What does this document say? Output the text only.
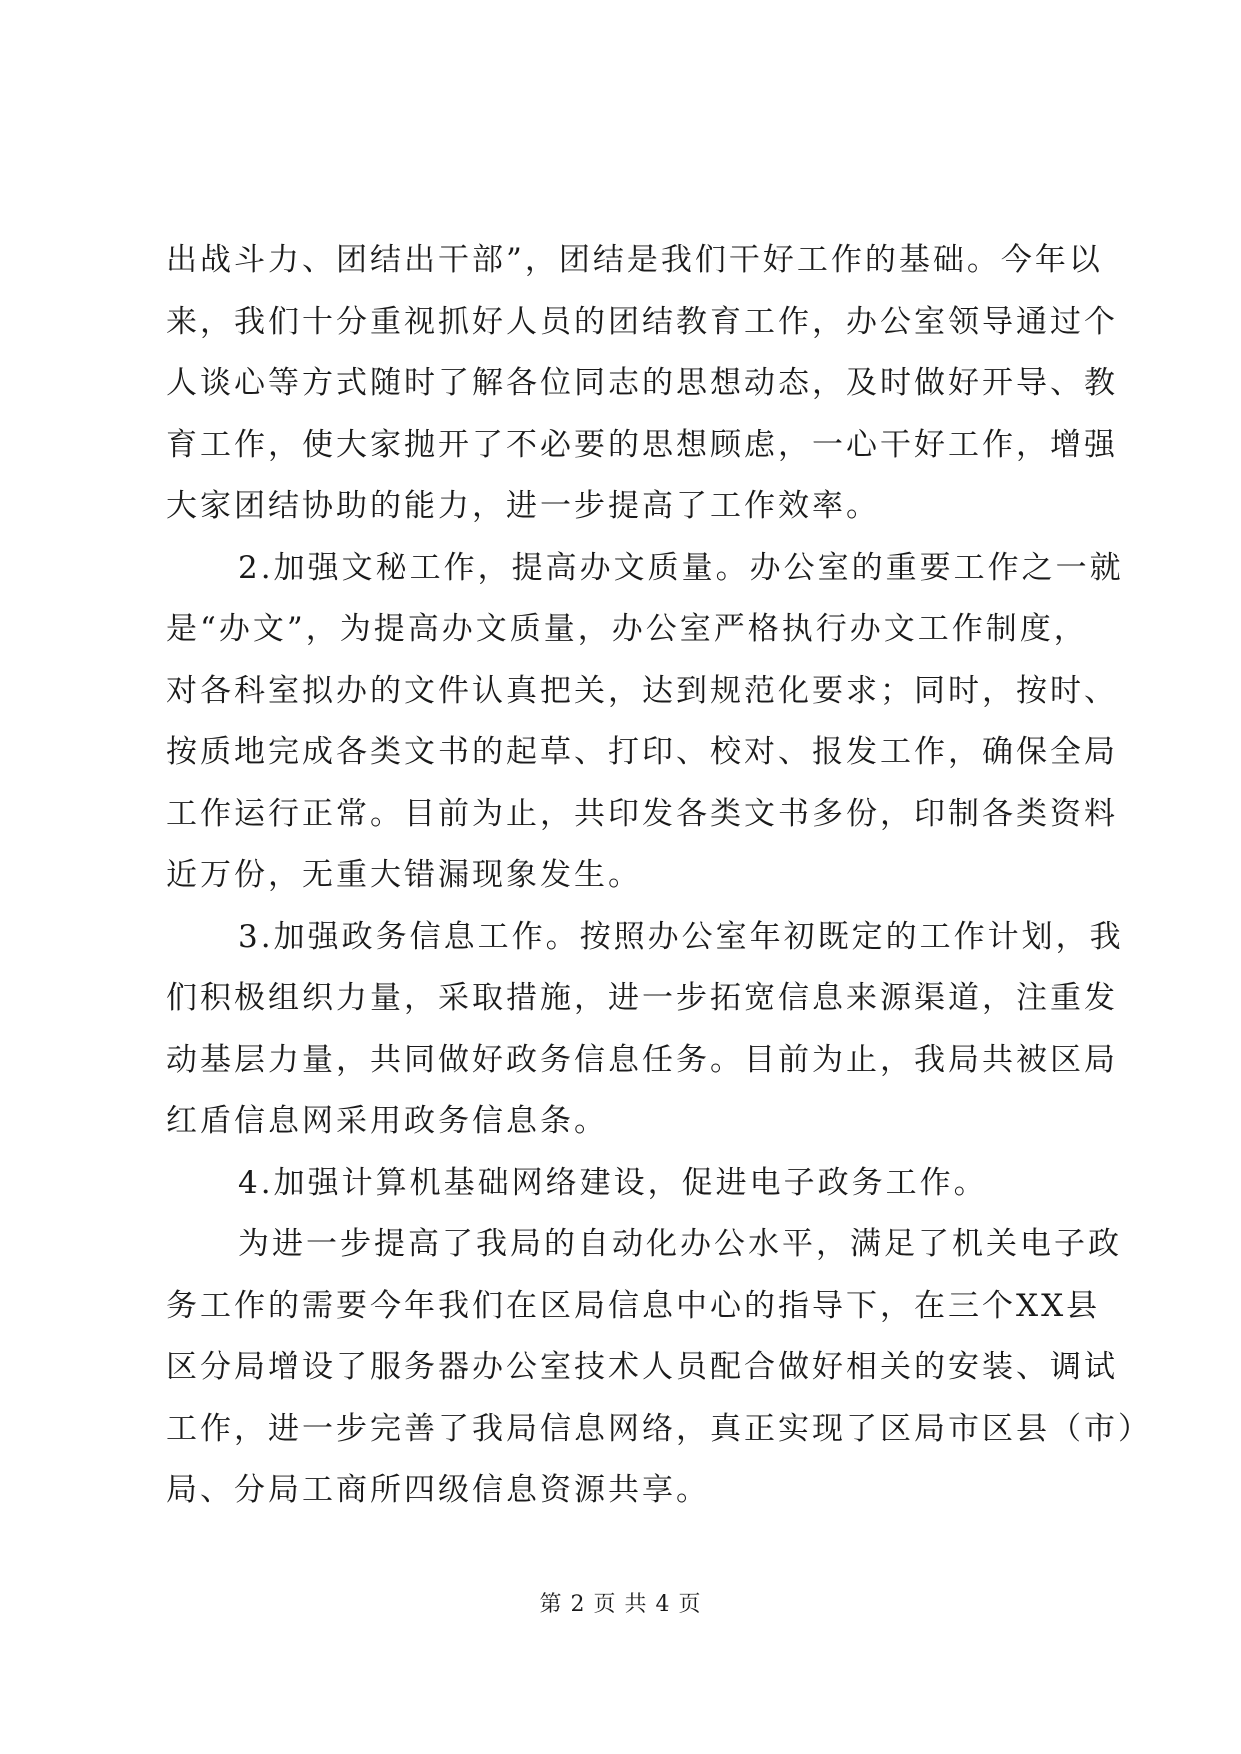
出战斗力、团结出干部”，团结是我们干好工作的基础。今年以
来，我们十分重视抓好人员的团结教育工作，办公室领导通过个
人谈心等方式随时了解各位同志的思想动态，及时做好开导、教
育工作，使大家抛开了不必要的思想顾虑，一心干好工作，增强
大家团结协助的能力，进一步提高了工作效率。
2.加强文秘工作，提高办文质量。办公室的重要工作之一就
是“办文”，为提高办文质量，办公室严格执行办文工作制度，
对各科室拟办的文件认真把关，达到规范化要求；同时，按时、
按质地完成各类文书的起草、打印、校对、报发工作，确保全局
工作运行正常。目前为止，共印发各类文书多份，印制各类资料
近万份，无重大错漏现象发生。
3.加强政务信息工作。按照办公室年初既定的工作计划，我
们积极组织力量，采取措施，进一步拓宽信息来源渠道，注重发
动基层力量，共同做好政务信息任务。目前为止，我局共被区局
红盾信息网采用政务信息条。
4.加强计算机基础网络建设，促进电子政务工作。
为进一步提高了我局的自动化办公水平，满足了机关电子政
务工作的需要今年我们在区局信息中心的指导下，在三个XX县
区分局增设了服务器办公室技术人员配合做好相关的安装、调试
工作，进一步完善了我局信息网络，真正实现了区局市区县（市）
局、分局工商所四级信息资源共享。
第 2 页 共 4 页
